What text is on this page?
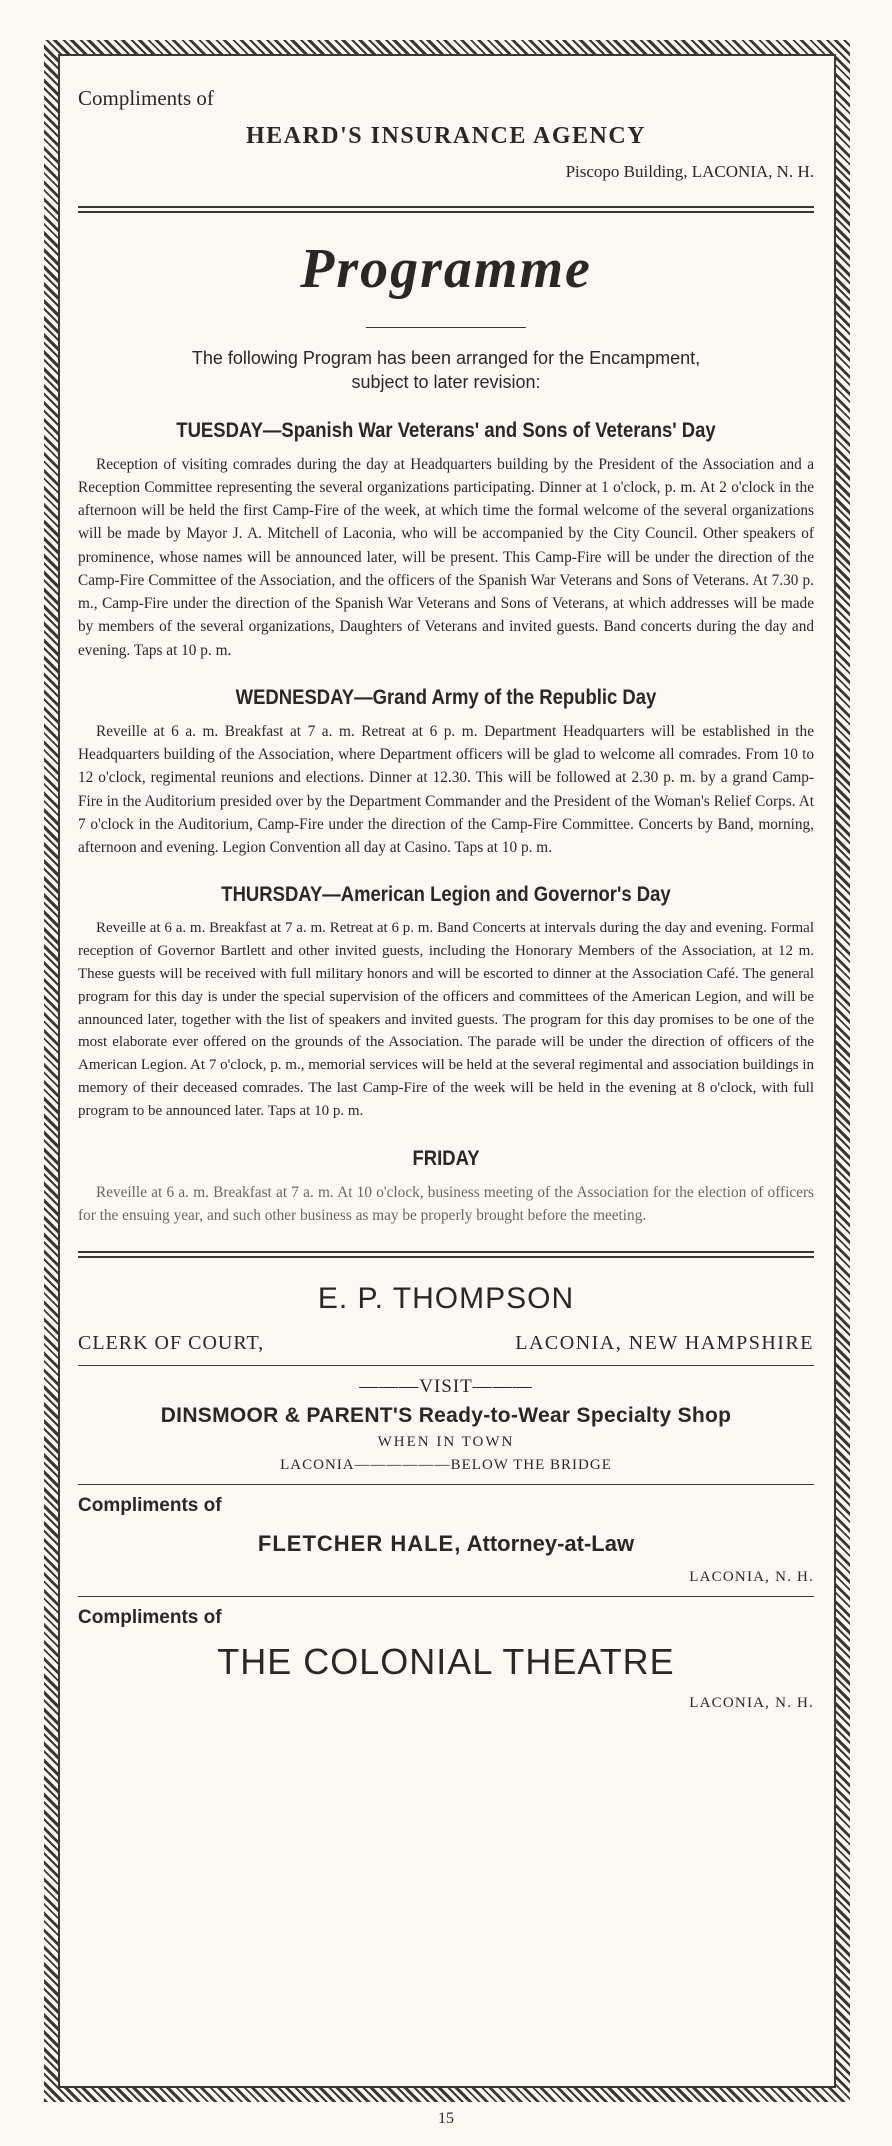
Compliments of
HEARD'S INSURANCE AGENCY
Piscopo Building, LACONIA, N. H.
Programme
The following Program has been arranged for the Encampment,
subject to later revision:
TUESDAY—Spanish War Veterans' and Sons of Veterans' Day
Reception of visiting comrades during the day at Headquarters building by the President of the Association and a Reception Committee representing the several organizations participating. Dinner at 1 o'clock, p. m. At 2 o'clock in the afternoon will be held the first Camp-Fire of the week, at which time the formal welcome of the several organizations will be made by Mayor J. A. Mitchell of Laconia, who will be accompanied by the City Council. Other speakers of prominence, whose names will be announced later, will be present. This Camp-Fire will be under the direction of the Camp-Fire Committee of the Association, and the officers of the Spanish War Veterans and Sons of Veterans. At 7.30 p. m., Camp-Fire under the direction of the Spanish War Veterans and Sons of Veterans, at which addresses will be made by members of the several organizations, Daughters of Veterans and invited guests. Band concerts during the day and evening. Taps at 10 p. m.
WEDNESDAY—Grand Army of the Republic Day
Reveille at 6 a. m. Breakfast at 7 a. m. Retreat at 6 p. m. Department Headquarters will be established in the Headquarters building of the Association, where Department officers will be glad to welcome all comrades. From 10 to 12 o'clock, regimental reunions and elections. Dinner at 12.30. This will be followed at 2.30 p. m. by a grand Camp-Fire in the Auditorium presided over by the Department Commander and the President of the Woman's Relief Corps. At 7 o'clock in the Auditorium, Camp-Fire under the direction of the Camp-Fire Committee. Concerts by Band, morning, afternoon and evening. Legion Convention all day at Casino. Taps at 10 p. m.
THURSDAY—American Legion and Governor's Day
Reveille at 6 a. m. Breakfast at 7 a. m. Retreat at 6 p. m. Band Concerts at intervals during the day and evening. Formal reception of Governor Bartlett and other invited guests, including the Honorary Members of the Association, at 12 m. These guests will be received with full military honors and will be escorted to dinner at the Association Café. The general program for this day is under the special supervision of the officers and committees of the American Legion, and will be announced later, together with the list of speakers and invited guests. The program for this day promises to be one of the most elaborate ever offered on the grounds of the Association. The parade will be under the direction of officers of the American Legion. At 7 o'clock, p. m., memorial services will be held at the several regimental and association buildings in memory of their deceased comrades. The last Camp-Fire of the week will be held in the evening at 8 o'clock, with full program to be announced later. Taps at 10 p. m.
FRIDAY
Reveille at 6 a. m. Breakfast at 7 a. m. At 10 o'clock, business meeting of the Association for the election of officers for the ensuing year, and such other business as may be properly brought before the meeting.
E. P. THOMPSON
CLERK OF COURT,	LACONIA, NEW HAMPSHIRE
———VISIT———
DINSMOOR & PARENT'S Ready-to-Wear Specialty Shop
WHEN IN TOWN
LACONIA—————— BELOW THE BRIDGE
Compliments of
FLETCHER HALE, Attorney-at-Law
LACONIA, N. H.
Compliments of
THE COLONIAL THEATRE
LACONIA, N. H.
15
